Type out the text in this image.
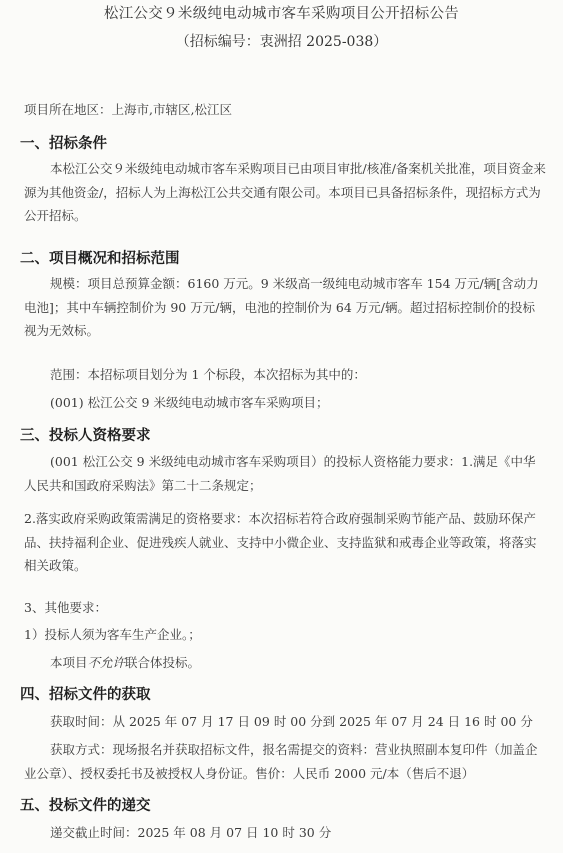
松江公交９米级纯电动城市客车采购项目公开招标公告
（招标编号：衷洲招 2025-038）
项目所在地区：上海市,市辖区,松江区
一、招标条件
本松江公交９米级纯电动城市客车采购项目已由项目审批/核准/备案机关批准，项目资金来源为其他资金/，招标人为上海松江公共交通有限公司。本项目已具备招标条件，现招标方式为公开招标。
二、项目概况和招标范围
规模：项目总预算金额：6160 万元。9 米级高一级纯电动城市客车 154 万元/辆[含动力电池]；其中车辆控制价为 90 万元/辆，电池的控制价为 64 万元/辆。超过招标控制价的投标视为无效标。
范围：本招标项目划分为 1 个标段，本次招标为其中的：
(001) 松江公交 9 米级纯电动城市客车采购项目；
三、投标人资格要求
(001 松江公交 9 米级纯电动城市客车采购项目）的投标人资格能力要求：1.满足《中华人民共和国政府采购法》第二十二条规定；
2.落实政府采购政策需满足的资格要求：本次招标若符合政府强制采购节能产品、鼓励环保产品、扶持福利企业、促进残疾人就业、支持中小微企业、支持监狱和戒毒企业等政策，将落实相关政策。
3、其他要求：
1）投标人须为客车生产企业。；
本项目不允许联合体投标。
四、招标文件的获取
获取时间：从 2025 年 07 月 17 日 09 时 00 分到 2025 年 07 月 24 日 16 时 00 分
获取方式：现场报名并获取招标文件，报名需提交的资料：营业执照副本复印件（加盖企业公章）、授权委托书及被授权人身份证。售价：人民币 2000 元/本（售后不退）
五、投标文件的递交
递交截止时间：2025 年 08 月 07 日 10 时 30 分
